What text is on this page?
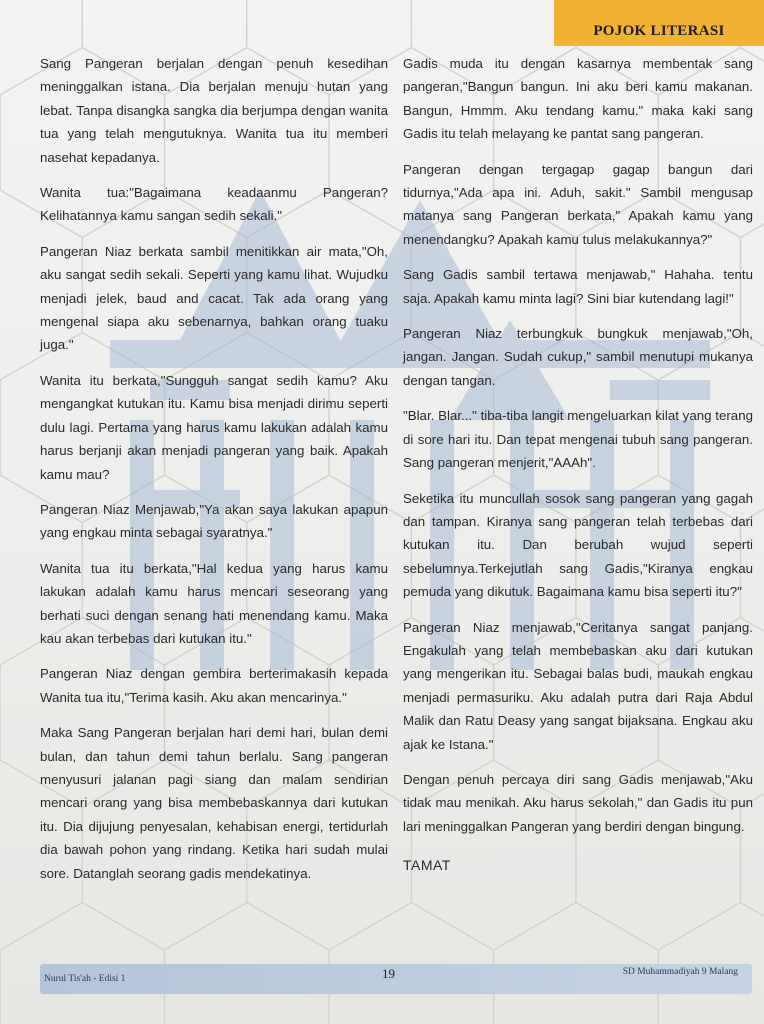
POJOK LITERASI

Sang Pangeran berjalan dengan penuh kesedihan meninggalkan istana. Dia berjalan menuju hutan yang lebat. Tanpa disangka sangka dia berjumpa dengan wanita tua yang telah mengutuknya. Wanita tua itu memberi nasehat kepadanya.

Wanita tua:"Bagaimana keadaanmu Pangeran? Kelihatannya kamu sangan sedih sekali."

Pangeran Niaz berkata sambil menitikkan air mata,"Oh, aku sangat sedih sekali. Seperti yang kamu lihat. Wujudku menjadi jelek, baud and cacat. Tak ada orang yang mengenal siapa aku sebenarnya, bahkan orang tuaku juga."

Wanita itu berkata,"Sungguh sangat sedih kamu? Aku mengangkat kutukan itu. Kamu bisa menjadi dirimu seperti dulu lagi. Pertama yang harus kamu lakukan adalah kamu harus berjanji akan menjadi pangeran yang baik. Apakah kamu mau?

Pangeran Niaz Menjawab,"Ya akan saya lakukan apapun yang engkau minta sebagai syaratnya."

Wanita tua itu berkata,"Hal kedua yang harus kamu lakukan adalah kamu harus mencari seseorang yang berhati suci dengan senang hati menendang kamu. Maka kau akan terbebas dari kutukan itu."

Pangeran Niaz dengan gembira berterimakasih kepada Wanita tua itu,"Terima kasih. Aku akan mencarinya."

Maka Sang Pangeran berjalan hari demi hari, bulan demi bulan, dan tahun demi tahun berlalu. Sang pangeran menyusuri jalanan pagi siang dan malam sendirian mencari orang yang bisa membebaskannya dari kutukan itu. Dia dijujung penyesalan, kehabisan energi, tertidurlah dia bawah pohon yang rindang. Ketika hari sudah mulai sore. Datanglah seorang gadis mendekatinya.

Gadis muda itu dengan kasarnya membentak sang pangeran,"Bangun bangun. Ini aku beri kamu makanan. Bangun, Hmmm. Aku tendang kamu." maka kaki sang Gadis itu telah melayang ke pantat sang pangeran.

Pangeran dengan tergagap gagap bangun dari tidurnya,"Ada apa ini. Aduh, sakit." Sambil mengusap matanya sang Pangeran berkata," Apakah kamu yang menendangku? Apakah kamu tulus melakukannya?"

Sang Gadis sambil tertawa menjawab," Hahaha. tentu saja. Apakah kamu minta lagi? Sini biar kutendang lagi!"

Pangeran Niaz terbungkuk bungkuk menjawab,"Oh, jangan. Jangan. Sudah cukup," sambil menutupi mukanya dengan tangan.

"Blar. Blar..." tiba-tiba langit mengeluarkan kilat yang terang di sore hari itu. Dan tepat mengenai tubuh sang pangeran. Sang pangeran menjerit,"AAAh".

Seketika itu muncullah sosok sang pangeran yang gagah dan tampan. Kiranya sang pangeran telah terbebas dari kutukan itu. Dan berubah wujud seperti sebelumnya.Terkejutlah sang Gadis,"Kiranya engkau pemuda yang dikutuk. Bagaimana kamu bisa seperti itu?"

Pangeran Niaz menjawab,"Ceritanya sangat panjang. Engakulah yang telah membebaskan aku dari kutukan yang mengerikan itu. Sebagai balas budi, maukah engkau menjadi permasuriku. Aku adalah putra dari Raja Abdul Malik dan Ratu Deasy yang sangat bijaksana. Engkau aku ajak ke Istana."

Dengan penuh percaya diri sang Gadis menjawab,"Aku tidak mau menikah. Aku harus sekolah," dan Gadis itu pun lari meninggalkan Pangeran yang berdiri dengan bingung.

TAMAT

Nurul Tis'ah - Edisi 1	19	SD Muhammadiyah 9 Malang
